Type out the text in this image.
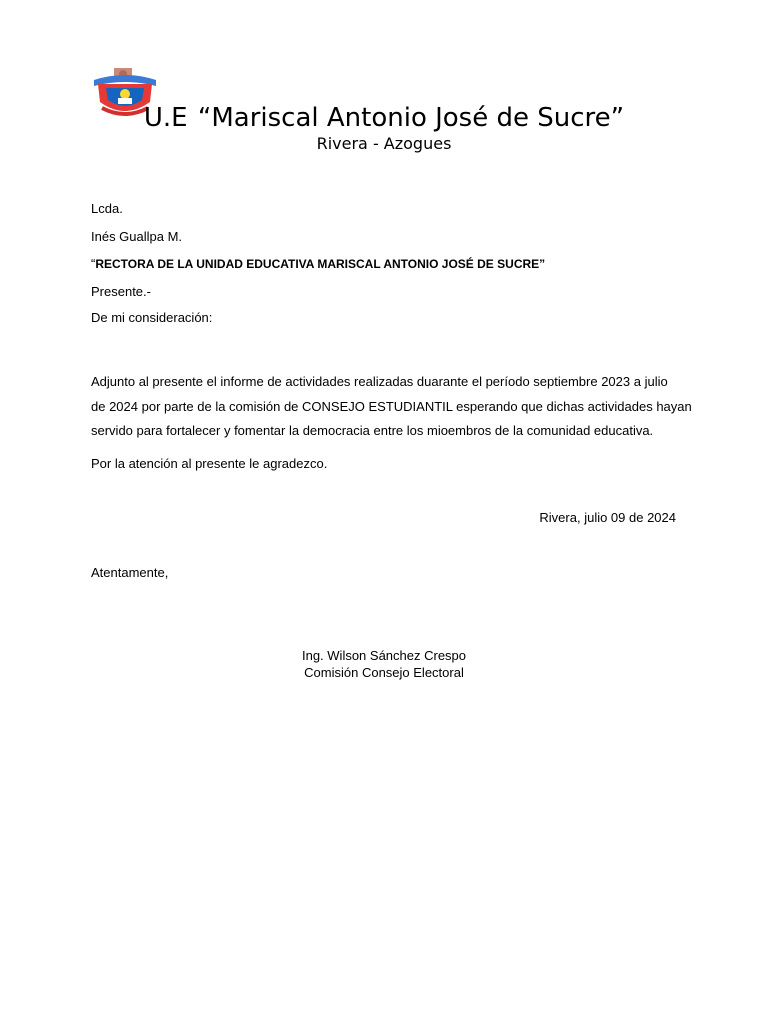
U.E “Mariscal Antonio José de Sucre”
Rivera - Azogues
Lcda.
Inés Guallpa M.
“RECTORA DE LA UNIDAD EDUCATIVA MARISCAL ANTONIO JOSÉ DE SUCRE”
Presente.-
De mi consideración:
Adjunto al presente el informe de actividades realizadas duarante el período septiembre 2023 a julio
de 2024 por parte de la comisión de CONSEJO ESTUDIANTIL esperando que dichas actividades hayan
servido para fortalecer y fomentar la democracia entre los mioembros de la comunidad educativa.
Por la atención al presente le agradezco.
Rivera, julio 09 de 2024
Atentamente,
Ing. Wilson Sánchez Crespo
Comisión Consejo Electoral
